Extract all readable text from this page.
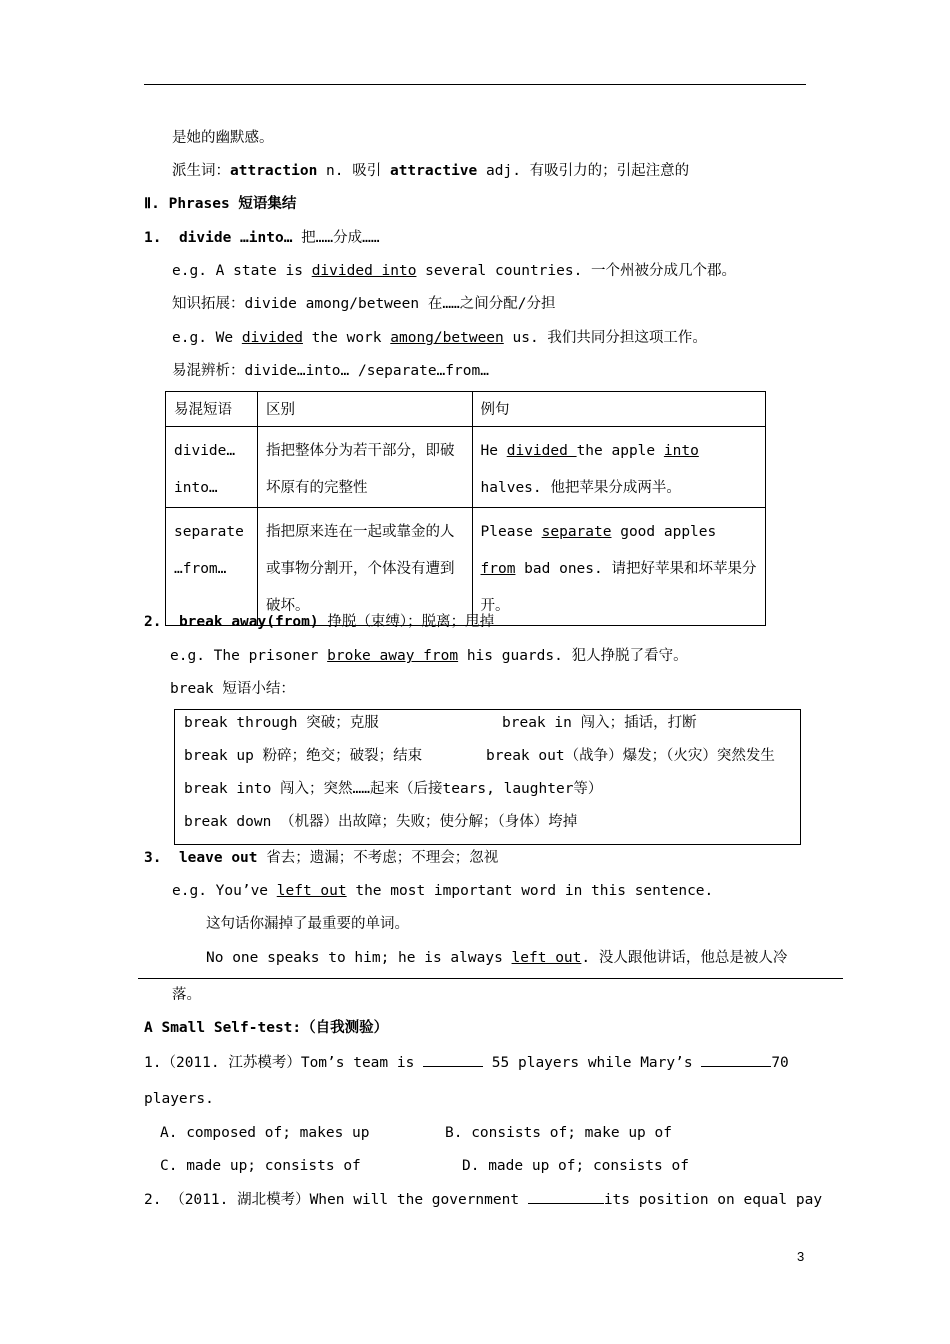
是她的幽默感。
派生词：attraction n. 吸引 attractive adj. 有吸引力的；引起注意的
Ⅱ. Phrases 短语集结
1. divide …into… 把……分成……
e.g. A state is divided into several countries. 一个州被分成几个郡。
知识拓展：divide among/between 在……之间分配/分担
e.g. We divided the work among/between us. 我们共同分担这项工作。
易混辨析：divide…into… /separate…from…
易混短语	区别	例句
divide… into…	指把整体分为若干部分，即破坏原有的完整性	He divided the apple into halves. 他把苹果分成两半。
separate …from…	指把原来连在一起或靠金的人或事物分割开，个体没有遭到破坏。	Please separate good apples from bad ones. 请把好苹果和坏苹果分开。
2. break away(from) 挣脱（束缚）；脱离；甩掉
e.g. The prisoner broke away from his guards. 犯人挣脱了看守。
break 短语小结：
break through 突破；克服	break in 闯入；插话，打断
break up 粉碎；绝交；破裂；结束	break out（战争）爆发；（火灾）突然发生
break into 闯入；突然……起来（后接tears, laughter等）
break down （机器）出故障；失败；使分解；（身体）垮掉
3. leave out 省去；遗漏；不考虑；不理会；忽视
e.g. You’ve left out the most important word in this sentence.
这句话你漏掉了最重要的单词。
No one speaks to him; he is always left out. 没人跟他讲话，他总是被人冷
落。
A Small Self-test:（自我测验）
1.（2011. 江苏模考）Tom’s team is	55 players while Mary’s	70
players.
A. composed of; makes up	B. consists of; make up of
C. made up; consists of	D. made up of; consists of
2. （2011. 湖北模考）When will the government	its position on equal pay
3
